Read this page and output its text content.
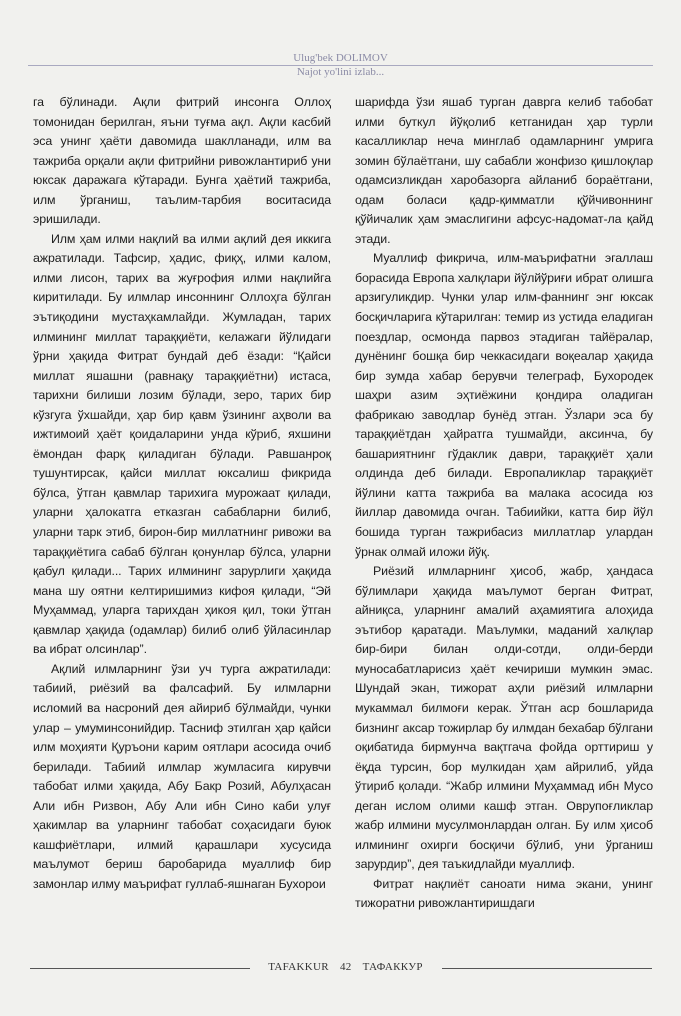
Ulug'bek DOLIMOV
Najot yo'lini izlab...

га бўлинади. Ақли фитрий инсонга Оллоҳ томонидан берилган, яъни туғма ақл. Ақли касбий эса унинг ҳаёти давомида шаклланади, илм ва тажриба орқали ақли фитрийни ривожлантириб уни юксак даражага кўтаради. Бунга ҳаётий тажриба, илм ўрганиш, таълим-тарбия воситасида эришилади.

Илм ҳам илми нақлий ва илми ақлий дея иккига ажратилади. Тафсир, ҳадис, фиқҳ, илми калом, илми лисон, тарих ва жуғрофия илми нақлийга киритилади. Бу илмлар инсоннинг Оллоҳга бўлган эътиқодини мустаҳкамлайди. Жумладан, тарих илмининг миллат тараққиёти, келажаги йўлидаги ўрни ҳақида Фитрат бундай деб ёзади: “Қайси миллат яшашни (равнақу тараққиётни) истаса, тарихни билиши лозим бўлади, зеро, тарих бир кўзгуга ўхшайди, ҳар бир қавм ўзининг аҳволи ва ижтимоий ҳаёт қоидаларини унда кўриб, яхшини ёмондан фарқ қиладиган бўлади. Равшанроқ тушунтирсак, қайси миллат юксалиш фикрида бўлса, ўтган қавмлар тарихига мурожаат қилади, уларни ҳалокатга етказган сабабларни билиб, уларни тарк этиб, бирон-бир миллатнинг ривожи ва тараққиётига сабаб бўлган қонунлар бўлса, уларни қабул қилади... Тарих илмининг зарурлиги ҳақида мана шу оятни келтиришимиз кифоя қилади, “Эй Муҳаммад, уларга тарихдан ҳикоя қил, токи ўтган қавмлар ҳақида (одамлар) билиб олиб ўйласинлар ва ибрат олсинлар”.

Ақлий илмларнинг ўзи уч турга ажратилади: табиий, риёзий ва фалсафий. Бу илмларни исломий ва насроний дея айириб бўлмайди, чунки улар – умуминсонийдир. Тасниф этилган ҳар қайси илм моҳияти Қуръони карим оятлари асосида очиб берилади. Табиий илмлар жумласига кирувчи табобат илми ҳақида, Абу Бакр Розий, Абулҳасан Али ибн Ризвон, Абу Али ибн Сино каби улуғ ҳакимлар ва уларнинг табобат соҳасидаги буюк кашфиётлари, илмий қарашлари хусусида маълумот бериш баробарида муаллиф бир замонлар илму маърифат гуллаб-яшнаган Бухорои

шарифда ўзи яшаб турган даврга келиб табобат илми буткул йўқолиб кетганидан ҳар турли касалликлар неча минглаб одамларнинг умрига зомин бўлаётгани, шу сабабли жонфизо қишлоқлар одамсизликдан харобазорга айланиб бораётгани, одам боласи қадр-қимматли қўйчивоннинг қўйичалик ҳам эмаслигини афсус-надомат-ла қайд этади.

Муаллиф фикрича, илм-маърифатни эгаллаш борасида Европа халқлари йўлйўриғи ибрат олишга арзигуликдир. Чунки улар илм-фаннинг энг юксак босқичларига кўтарилган: темир из устида еладиган поездлар, осмонда парвоз этадиган тайёралар, дунёнинг бошқа бир чеккасидаги воқеалар ҳақида бир зумда хабар берувчи телеграф, Бухородек шаҳри азим эҳтиёжини қондира оладиган фабрикаю заводлар бунёд этган. Ўзлари эса бу тараққиётдан ҳайратга тушмайди, аксинча, бу башариятнинг гўдаклик даври, тараққиёт ҳали олдинда деб билади. Европаликлар тараққиёт йўлини катта тажриба ва малака асосида юз йиллар давомида очган. Табиийки, катта бир йўл бошида турган тажрибасиз миллатлар улардан ўрнак олмай иложи йўқ.

Риёзий илмларнинг ҳисоб, жабр, ҳандаса бўлимлари ҳақида маълумот берган Фитрат, айниқса, уларнинг амалий аҳамиятига алоҳида эътибор қаратади. Маълумки, маданий халқлар бир-бири билан олди-сотди, олди-берди муносабатларисиз ҳаёт кечириши мумкин эмас. Шундай экан, тижорат аҳли риёзий илмларни мукаммал билмоғи керак. Ўтган аср бошларида бизнинг аксар тожирлар бу илмдан бехабар бўлгани оқибатида бирмунча вақтгача фойда орттириш у ёқда турсин, бор мулкидан ҳам айрилиб, уйда ўтириб қолади. “Жабр илмини Муҳаммад ибн Мусо деган ислом олими кашф этган. Оврупоғликлар жабр илмини мусулмонлардан олган. Бу илм ҳисоб илмининг охирги босқичи бўлиб, уни ўрганиш зарурдир”, дея таъкидлайди муаллиф.

Фитрат нақлиёт саноати нима экани, унинг тижоратни ривожлантиришдаги

TAFAKKUR 42 ТАФАККУР
